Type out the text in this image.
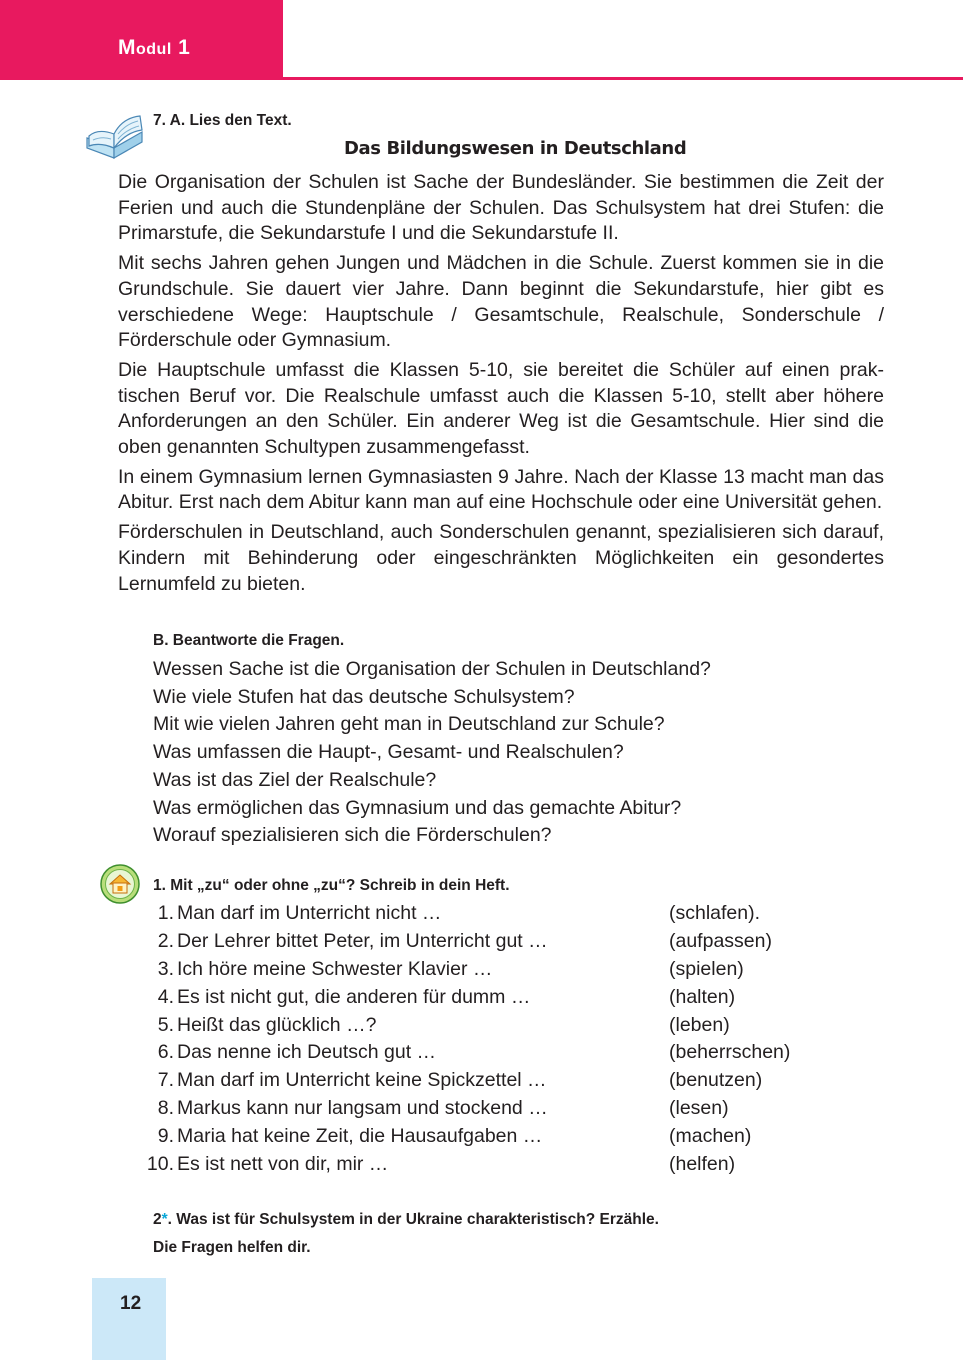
Modul 1
7. A. Lies den Text.
Das Bildungswesen in Deutschland

Die Organisation der Schulen ist Sache der Bundesländer. Sie bestimmen die Zeit der Ferien und auch die Stundenpläne der Schulen. Das Schulsystem hat drei Stufen: die Primarstufe, die Sekundarstufe I und die Sekundarstufe II.

Mit sechs Jahren gehen Jungen und Mädchen in die Schule. Zuerst kommen sie in die Grundschule. Sie dauert vier Jahre. Dann beginnt die Sekundarstufe, hier gibt es verschiedene Wege: Hauptschule / Gesamtschule, Realschule, Sonderschule / Förderschule oder Gymnasium.

Die Hauptschule umfasst die Klassen 5-10, sie bereitet die Schüler auf einen praktischen Beruf vor. Die Realschule umfasst auch die Klassen 5-10, stellt aber höhere Anforderungen an den Schüler. Ein anderer Weg ist die Gesamtschule. Hier sind die oben genannten Schultypen zusammengefasst.

In einem Gymnasium lernen Gymnasiasten 9 Jahre. Nach der Klasse 13 macht man das Abitur. Erst nach dem Abitur kann man auf eine Hochschule oder eine Universität gehen.

Förderschulen in Deutschland, auch Sonderschulen genannt, spezialisieren sich darauf, Kindern mit Behinderung oder eingeschränkten Möglichkeiten ein gesondertes Lernumfeld zu bieten.

B. Beantworte die Fragen.
Wessen Sache ist die Organisation der Schulen in Deutschland?
Wie viele Stufen hat das deutsche Schulsystem?
Mit wie vielen Jahren geht man in Deutschland zur Schule?
Was umfassen die Haupt-, Gesamt- und Realschulen?
Was ist das Ziel der Realschule?
Was ermöglichen das Gymnasium und das gemachte Abitur?
Worauf spezialisieren sich die Förderschulen?
1. Mit „zu“ oder ohne „zu“? Schreib in dein Heft.
1. Man darf im Unterricht nicht …	(schlafen).
2. Der Lehrer bittet Peter, im Unterricht gut …	(aufpassen)
3. Ich höre meine Schwester Klavier …	(spielen)
4. Es ist nicht gut, die anderen für dumm …	(halten)
5. Heißt das glücklich …?	(leben)
6. Das nenne ich Deutsch gut …	(beherrschen)
7. Man darf im Unterricht keine Spickzettel …	(benutzen)
8. Markus kann nur langsam und stockend …	(lesen)
9. Maria hat keine Zeit, die Hausaufgaben …	(machen)
10. Es ist nett von dir, mir …	(helfen)
2*. Was ist für Schulsystem in der Ukraine charakteristisch? Erzähle.
Die Fragen helfen dir.
12
